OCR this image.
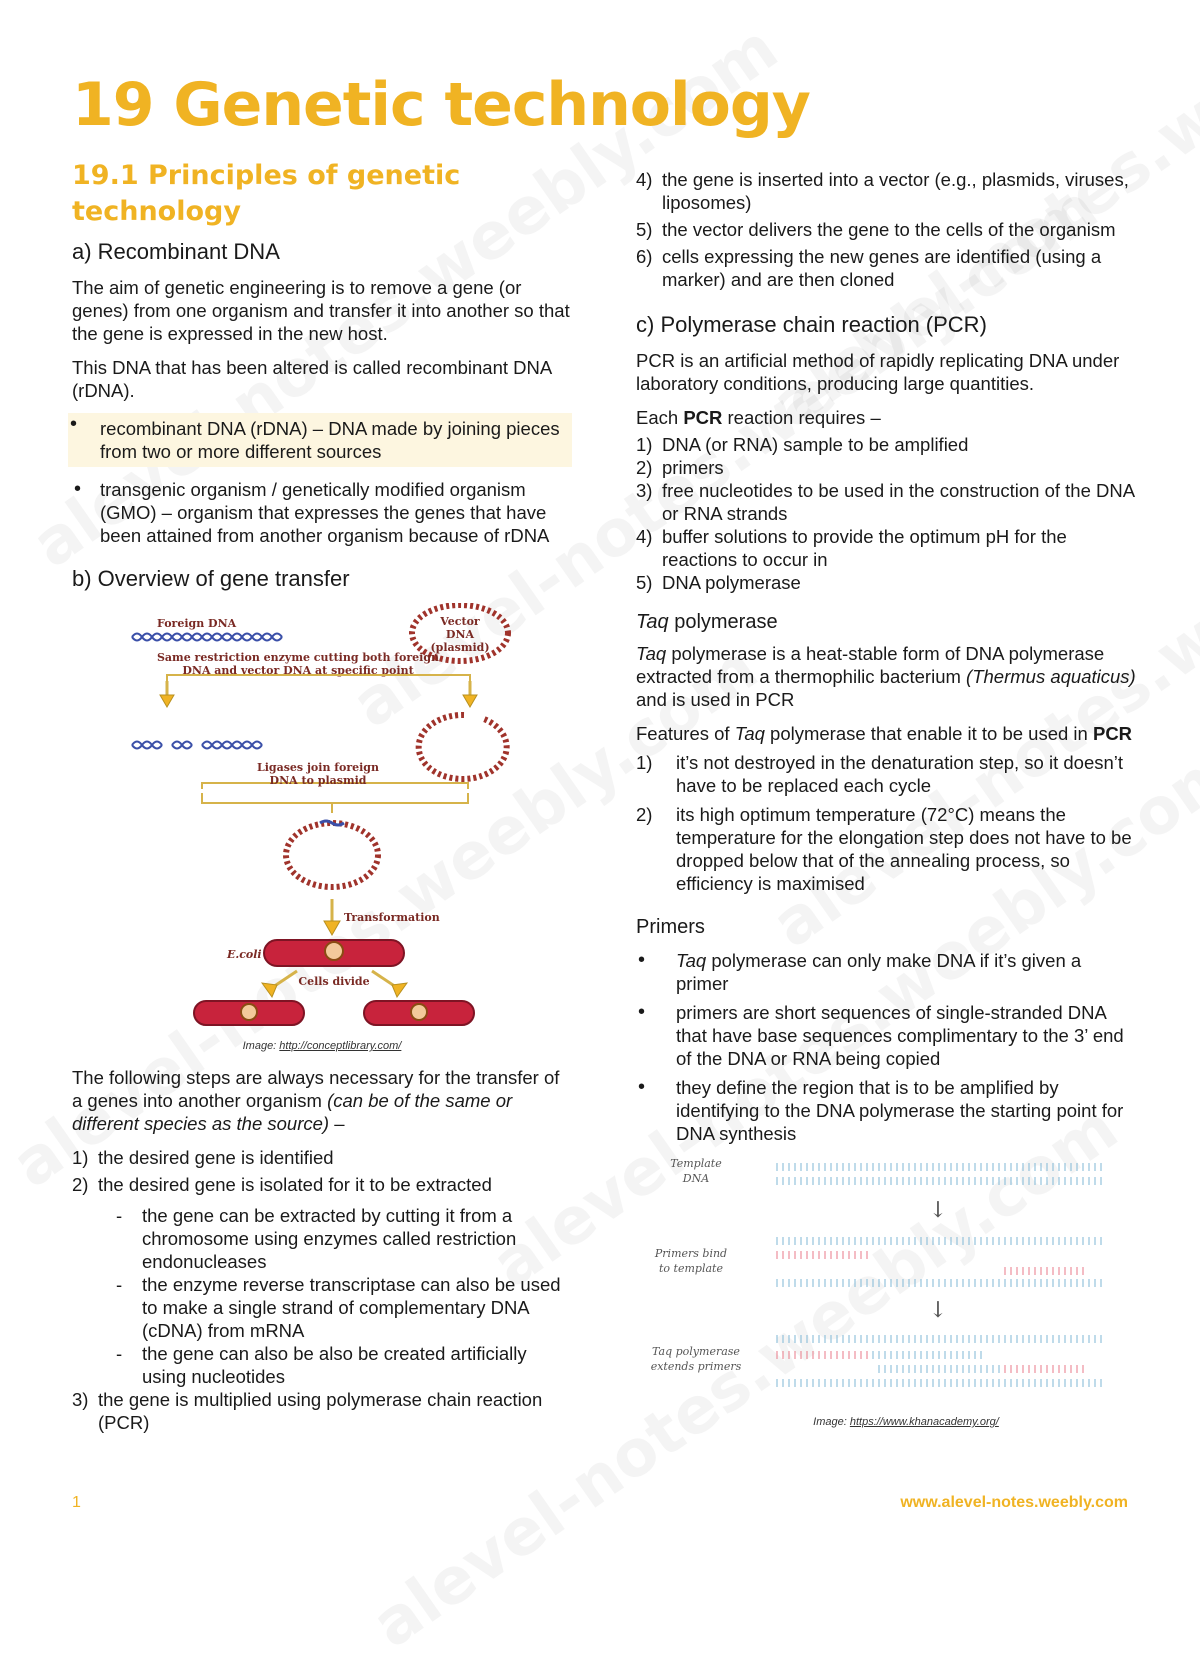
19 Genetic technology
19.1 Principles of genetic technology
a) Recombinant DNA

The aim of genetic engineering is to remove a gene (or genes) from one organism and transfer it into another so that the gene is expressed in the new host.

This DNA that has been altered is called recombinant DNA (rDNA).

• recombinant DNA (rDNA) – DNA made by joining pieces from two or more different sources
• transgenic organism / genetically modified organism (GMO) – organism that expresses the genes that have been attained from another organism because of rDNA
b) Overview of gene transfer
Foreign DNA	Vector
DNA
(plasmid)
Same restriction enzyme cutting both foreign
DNA and vector DNA at specific point
Ligases join foreign
DNA to plasmid
Transformation
E.coli
Cells divide
Image: http://conceptlibrary.com/

The following steps are always necessary for the transfer of a genes into another organism (can be of the same or different species as the source) –

1) the desired gene is identified
2) the desired gene is isolated for it to be extracted
- the gene can be extracted by cutting it from a chromosome using enzymes called restriction endonucleases
- the enzyme reverse transcriptase can also be used to make a single strand of complementary DNA (cDNA) from mRNA
- the gene can also be also be created artificially using nucleotides
3) the gene is multiplied using polymerase chain reaction (PCR)
4) the gene is inserted into a vector (e.g., plasmids, viruses, liposomes)
5) the vector delivers the gene to the cells of the organism
6) cells expressing the new genes are identified (using a marker) and are then cloned
c) Polymerase chain reaction (PCR)

PCR is an artificial method of rapidly replicating DNA under laboratory conditions, producing large quantities.

Each PCR reaction requires –

1) DNA (or RNA) sample to be amplified
2) primers
3) free nucleotides to be used in the construction of the DNA or RNA strands
4) buffer solutions to provide the optimum pH for the reactions to occur in
5) DNA polymerase
Taq polymerase

Taq polymerase is a heat-stable form of DNA polymerase extracted from a thermophilic bacterium (Thermus aquaticus) and is used in PCR

Features of Taq polymerase that enable it to be used in PCR

1) it’s not destroyed in the denaturation step, so it doesn’t have to be replaced each cycle
2) its high optimum temperature (72°C) means the temperature for the elongation step does not have to be dropped below that of the annealing process, so efficiency is maximised
Primers
• Taq polymerase can only make DNA if it’s given a primer
• primers are short sequences of single-stranded DNA that have base sequences complimentary to the 3’ end of the DNA or RNA being copied
• they define the region that is to be amplified by identifying to the DNA polymerase the starting point for DNA synthesis
Template
DNA
Primers bind
to template
Taq polymerase
extends primers
↓
↓
Image: https://www.khanacademy.org/
1	www.alevel-notes.weebly.com
